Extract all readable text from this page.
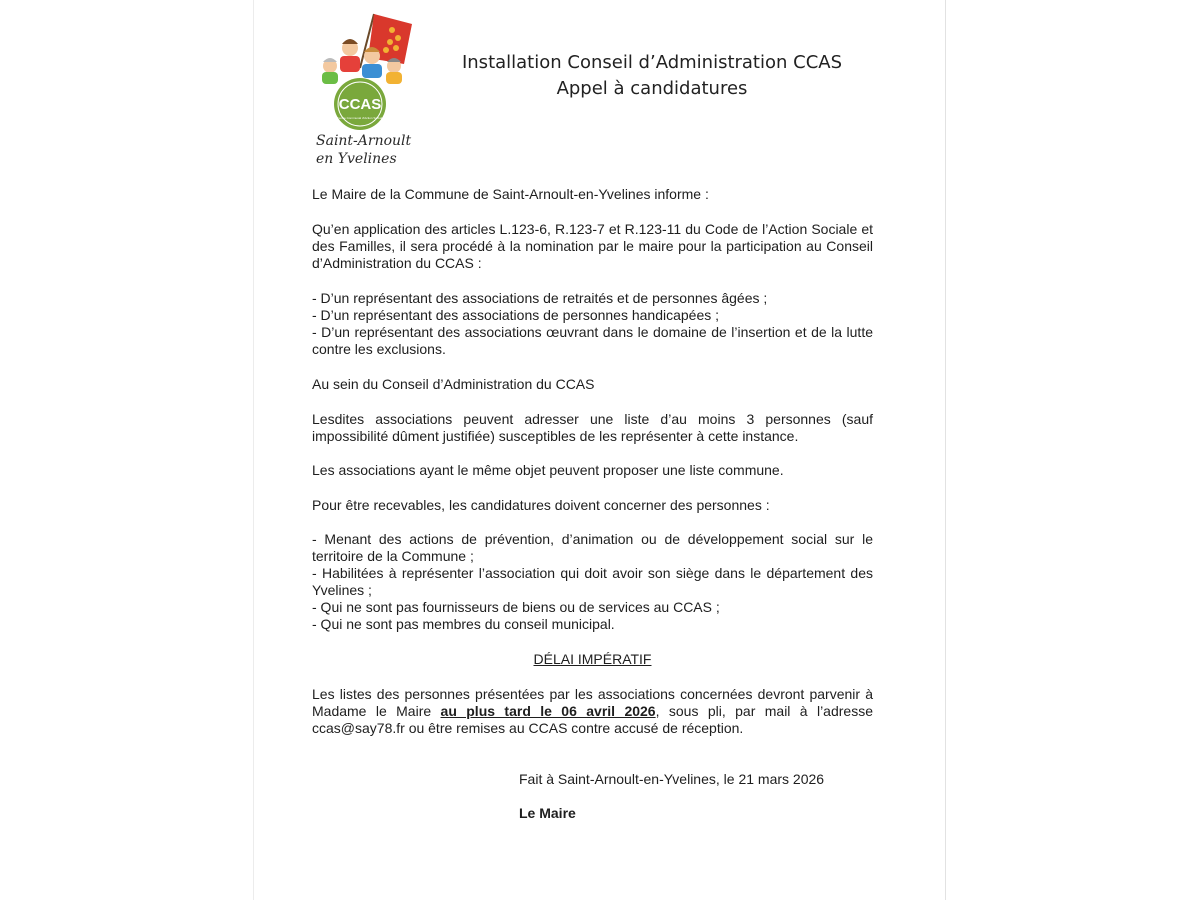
CCAS
Centre Communal d'Action Sociale
Saint-Arnoult
en Yvelines
Installation Conseil d’Administration CCAS
Appel à candidatures

Le Maire de la Commune de Saint-Arnoult-en-Yvelines informe :

Qu’en application des articles L.123-6, R.123-7 et R.123-11 du Code de l’Action Sociale et des Familles, il sera procédé à la nomination par le maire pour la participation au Conseil d’Administration du CCAS :

- D’un représentant des associations de retraités et de personnes âgées ;

- D’un représentant des associations de personnes handicapées ;

- D’un représentant des associations œuvrant dans le domaine de l’insertion et de la lutte contre les exclusions.

Au sein du Conseil d’Administration du CCAS

Lesdites associations peuvent adresser une liste d’au moins 3 personnes (sauf impossibilité dûment justifiée) susceptibles de les représenter à cette instance.

Les associations ayant le même objet peuvent proposer une liste commune.

Pour être recevables, les candidatures doivent concerner des personnes :

- Menant des actions de prévention, d’animation ou de développement social sur le territoire de la Commune ;

- Habilitées à représenter l’association qui doit avoir son siège dans le département des Yvelines ;

- Qui ne sont pas fournisseurs de biens ou de services au CCAS ;

- Qui ne sont pas membres du conseil municipal.

DÉLAI IMPÉRATIF

Les listes des personnes présentées par les associations concernées devront parvenir à Madame le Maire au plus tard le 06 avril 2026, sous pli, par mail à l’adresse ccas@say78.fr ou être remises au CCAS contre accusé de réception.

Fait à Saint-Arnoult-en-Yvelines, le 21 mars 2026
Le Maire
